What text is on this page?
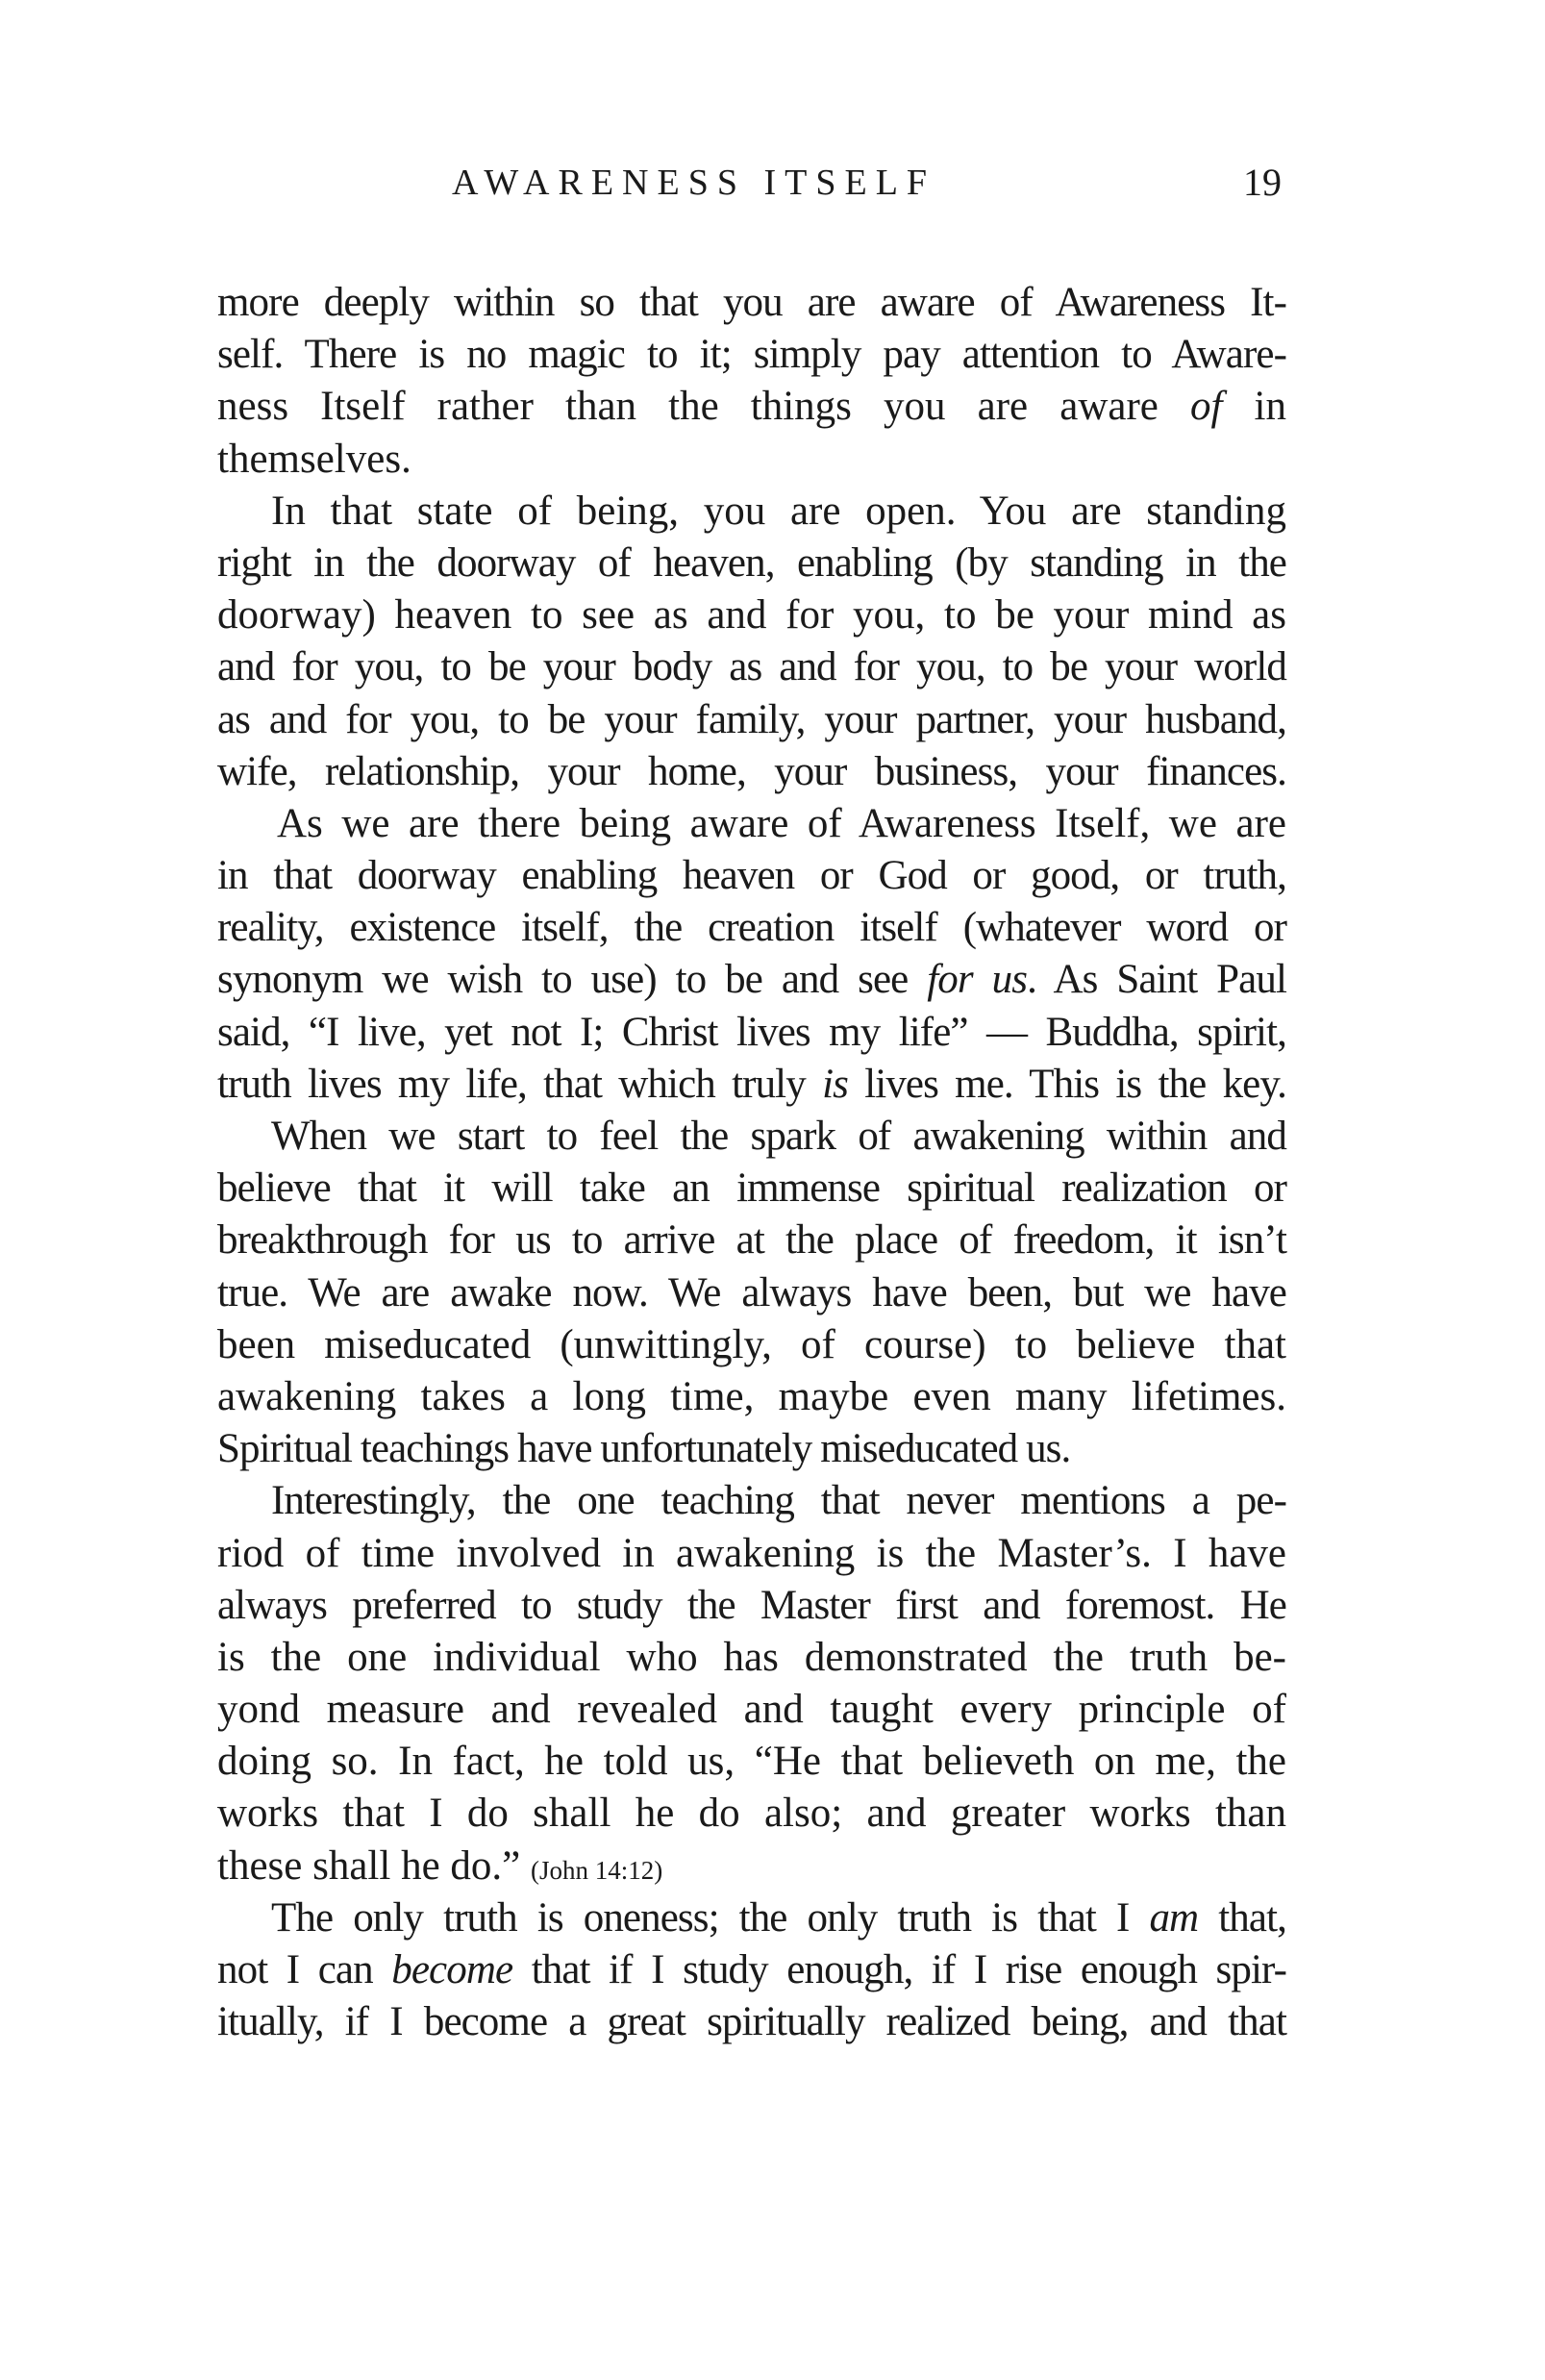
AWARENESS ITSELF	19
more deeply within so that you are aware of Awareness It-
self. There is no magic to it; simply pay attention to Aware-
ness Itself rather than the things you are aware of in
themselves.
In that state of being, you are open. You are standing
right in the doorway of heaven, enabling (by standing in the
doorway) heaven to see as and for you, to be your mind as
and for you, to be your body as and for you, to be your world
as and for you, to be your family, your partner, your husband,
wife, relationship, your home, your business, your finances.
As we are there being aware of Awareness Itself, we are
in that doorway enabling heaven or God or good, or truth,
reality, existence itself, the creation itself (whatever word or
synonym we wish to use) to be and see for us. As Saint Paul
said, “I live, yet not I; Christ lives my life” — Buddha, spirit,
truth lives my life, that which truly is lives me. This is the key.
When we start to feel the spark of awakening within and
believe that it will take an immense spiritual realization or
breakthrough for us to arrive at the place of freedom, it isn’t
true. We are awake now. We always have been, but we have
been miseducated (unwittingly, of course) to believe that
awakening takes a long time, maybe even many lifetimes.
Spiritual teachings have unfortunately miseducated us.
Interestingly, the one teaching that never mentions a pe-
riod of time involved in awakening is the Master’s. I have
always preferred to study the Master first and foremost. He
is the one individual who has demonstrated the truth be-
yond measure and revealed and taught every principle of
doing so. In fact, he told us, “He that believeth on me, the
works that I do shall he do also; and greater works than
these shall he do.” (John 14:12)
The only truth is oneness; the only truth is that I am that,
not I can become that if I study enough, if I rise enough spir-
itually, if I become a great spiritually realized being, and that
